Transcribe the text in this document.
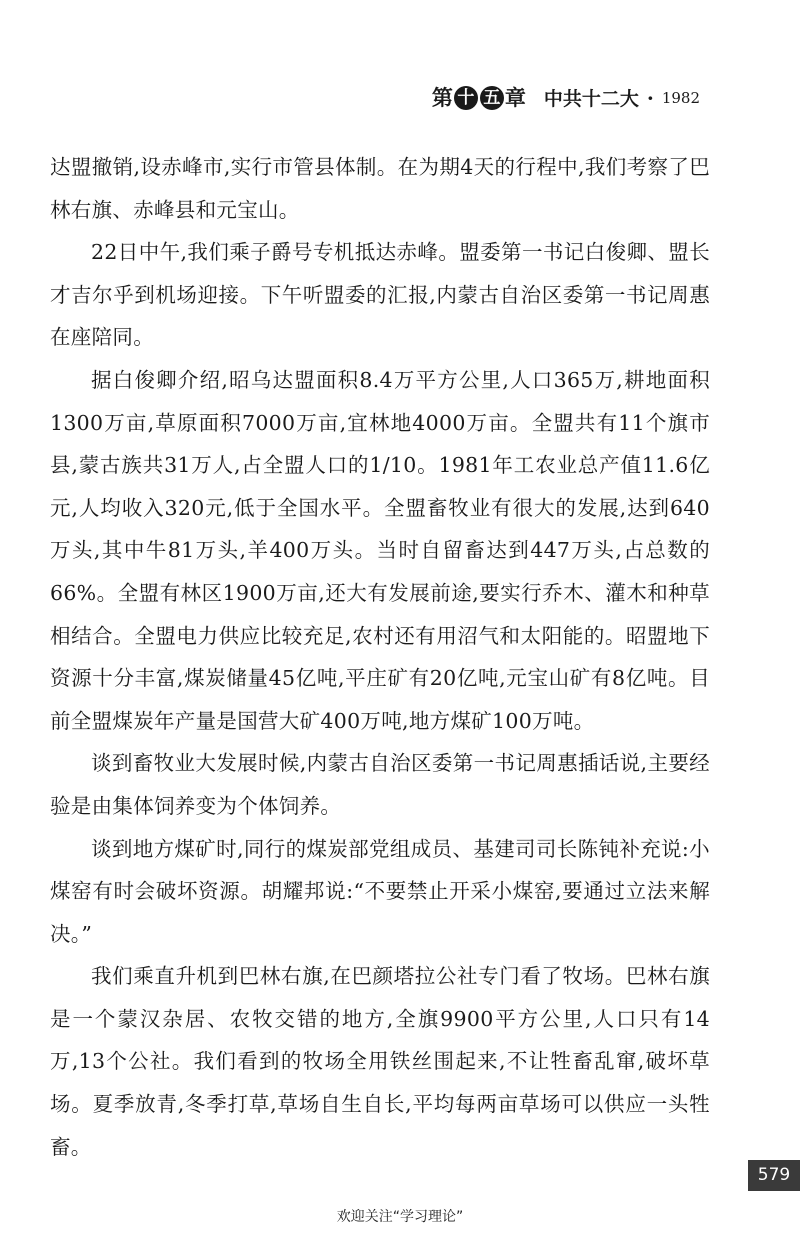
第 十 五 章 中共十二大 · 1982

达盟撤销,设赤峰市,实行市管县体制。在为期4天的行程中,我们考察了巴林右旗、赤峰县和元宝山。

22日中午,我们乘子爵号专机抵达赤峰。盟委第一书记白俊卿、盟长才吉尔乎到机场迎接。下午听盟委的汇报,内蒙古自治区委第一书记周惠在座陪同。

据白俊卿介绍,昭乌达盟面积8.4万平方公里,人口365万,耕地面积1300万亩,草原面积7000万亩,宜林地4000万亩。全盟共有11个旗市县,蒙古族共31万人,占全盟人口的1/10。1981年工农业总产值11.6亿元,人均收入320元,低于全国水平。全盟畜牧业有很大的发展,达到640万头,其中牛81万头,羊400万头。当时自留畜达到447万头,占总数的66%。全盟有林区1900万亩,还大有发展前途,要实行乔木、灌木和种草相结合。全盟电力供应比较充足,农村还有用沼气和太阳能的。昭盟地下资源十分丰富,煤炭储量45亿吨,平庄矿有20亿吨,元宝山矿有8亿吨。目前全盟煤炭年产量是国营大矿400万吨,地方煤矿100万吨。

谈到畜牧业大发展时候,内蒙古自治区委第一书记周惠插话说,主要经验是由集体饲养变为个体饲养。

谈到地方煤矿时,同行的煤炭部党组成员、基建司司长陈钝补充说:小煤窑有时会破坏资源。胡耀邦说:“不要禁止开采小煤窑,要通过立法来解决。”

我们乘直升机到巴林右旗,在巴颜塔拉公社专门看了牧场。巴林右旗是一个蒙汉杂居、农牧交错的地方,全旗9900平方公里,人口只有14万,13个公社。我们看到的牧场全用铁丝围起来,不让牲畜乱窜,破坏草场。夏季放青,冬季打草,草场自生自长,平均每两亩草场可以供应一头牲畜。

579
欢迎关注“学习理论”
